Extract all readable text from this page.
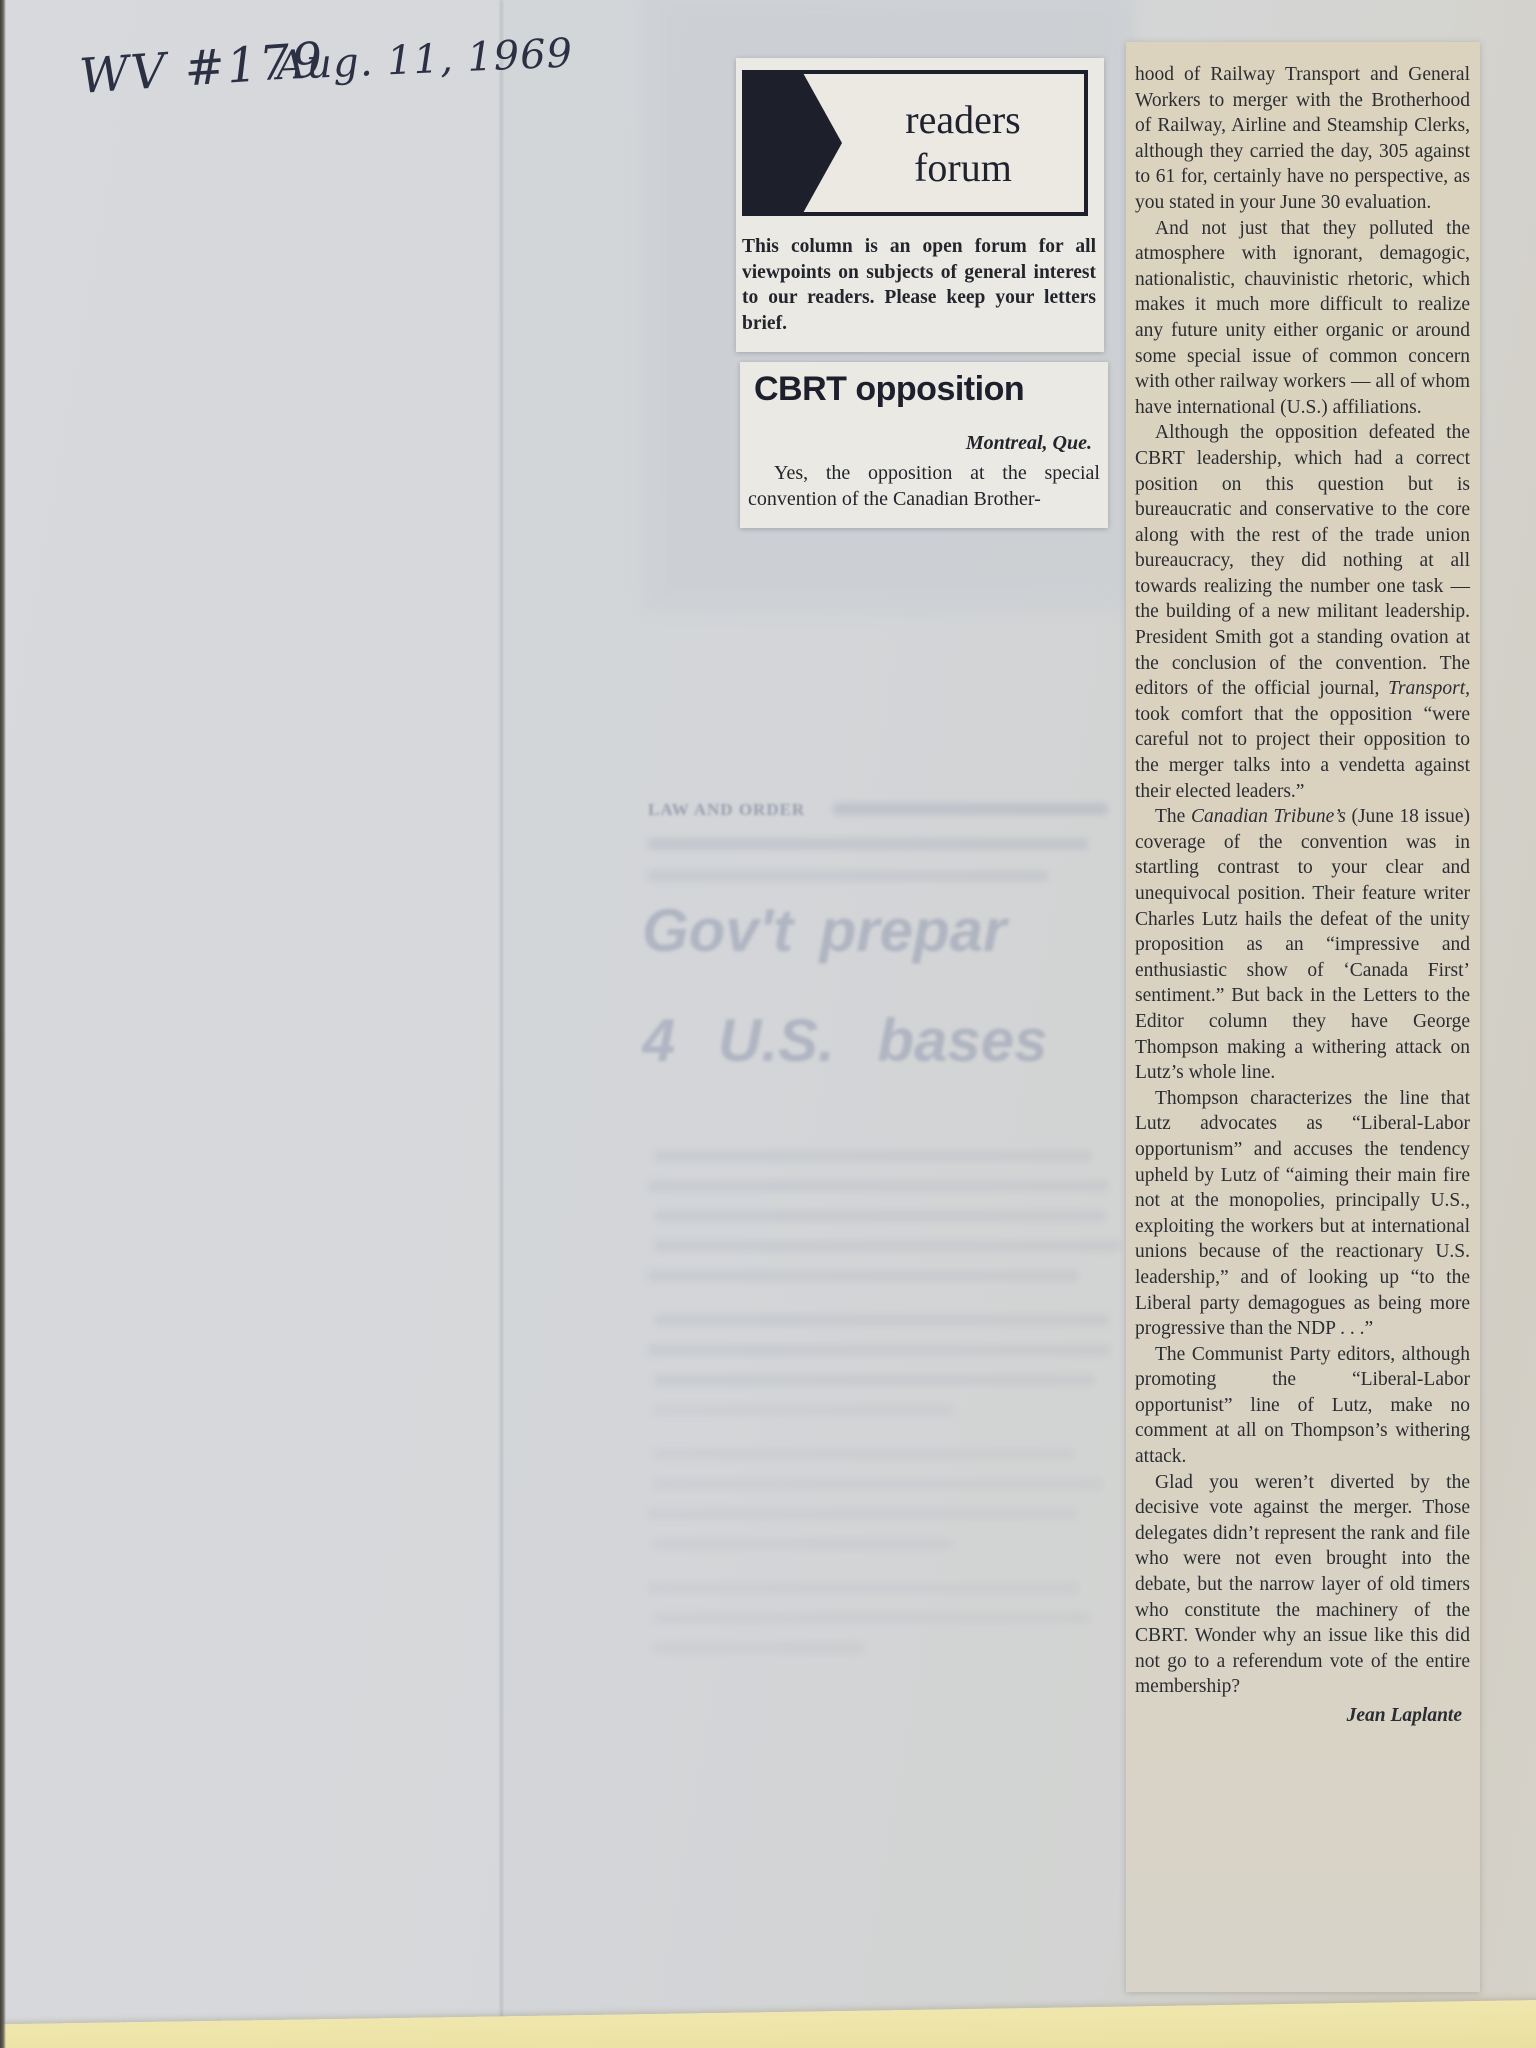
LAW AND ORDER
Gov't prepar
4 U.S. bases
WV #179
Aug. 11, 1969
readers
forum
This column is an open forum for all viewpoints on subjects of general interest to our readers. Please keep your letters brief.
CBRT opposition
Montreal, Que.
Yes, the opposition at the special convention of the Canadian Brother-

hood of Railway Transport and General Workers to merger with the Brotherhood of Railway, Airline and Steamship Clerks, although they carried the day, 305 against to 61 for, certainly have no perspective, as you stated in your June 30 evaluation.

And not just that they polluted the atmosphere with ignorant, demagogic, nationalistic, chauvinistic rhetoric, which makes it much more difficult to realize any future unity either organic or around some special issue of common concern with other railway workers — all of whom have international (U.S.) affiliations.

Although the opposition defeated the CBRT leadership, which had a correct position on this question but is bureaucratic and conservative to the core along with the rest of the trade union bureaucracy, they did nothing at all towards realizing the number one task — the building of a new militant leadership. President Smith got a standing ovation at the conclusion of the convention. The editors of the official journal, Transport, took comfort that the opposition “were careful not to project their opposition to the merger talks into a vendetta against their elected leaders.”

The Canadian Tribune’s (June 18 issue) coverage of the convention was in startling contrast to your clear and unequivocal position. Their feature writer Charles Lutz hails the defeat of the unity proposition as an “impressive and enthusiastic show of ‘Canada First’ sentiment.” But back in the Letters to the Editor column they have George Thompson making a withering attack on Lutz’s whole line.

Thompson characterizes the line that Lutz advocates as “Liberal-Labor opportunism” and accuses the tendency upheld by Lutz of “aiming their main fire not at the monopolies, principally U.S., exploiting the workers but at international unions because of the reactionary U.S. leadership,” and of looking up “to the Liberal party demagogues as being more progressive than the NDP . . .”

The Communist Party editors, although promoting the “Liberal-Labor opportunist” line of Lutz, make no comment at all on Thompson’s withering attack.

Glad you weren’t diverted by the decisive vote against the merger. Those delegates didn’t represent the rank and file who were not even brought into the debate, but the narrow layer of old timers who constitute the machinery of the CBRT. Wonder why an issue like this did not go to a referendum vote of the entire membership?

Jean Laplante
